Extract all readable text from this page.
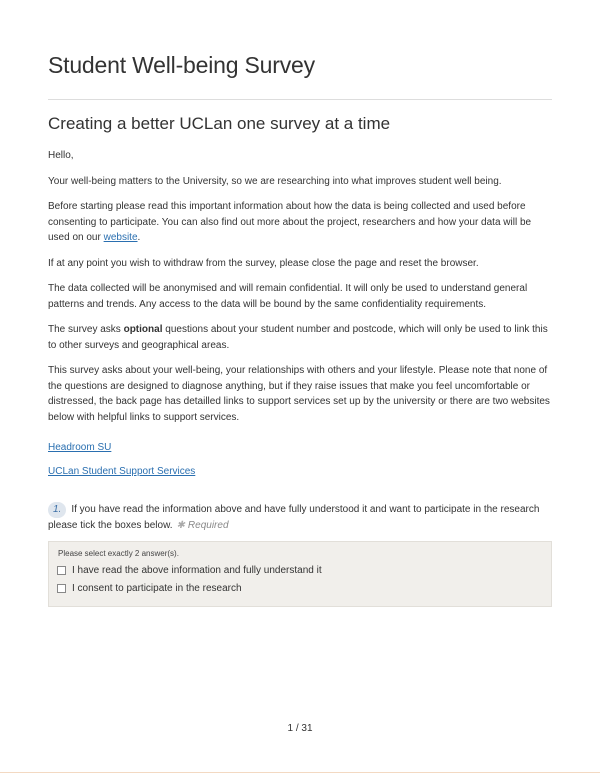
Student Well-being Survey
Creating a better UCLan one survey at a time

Hello,

Your well-being matters to the University, so we are researching into what improves student well being.

Before starting please read this important information about how the data is being collected and used before consenting to participate. You can also find out more about the project, researchers and how your data will be used on our website.

If at any point you wish to withdraw from the survey, please close the page and reset the browser.

The data collected will be anonymised and will remain confidential. It will only be used to understand general patterns and trends. Any access to the data will be bound by the same confidentiality requirements.

The survey asks optional questions about your student number and postcode, which will only be used to link this to other surveys and geographical areas.

This survey asks about your well-being, your relationships with others and your lifestyle. Please note that none of the questions are designed to diagnose anything, but if they raise issues that make you feel uncomfortable or distressed, the back page has detailled links to support services set up by the university or there are two websites below with helpful links to support services.

Headroom SU

UCLan Student Support Services

1. If you have read the information above and have fully understood it and want to participate in the research please tick the boxes below. ✱ Required
Please select exactly 2 answer(s).
I have read the above information and fully understand it
I consent to participate in the research
1 / 31
